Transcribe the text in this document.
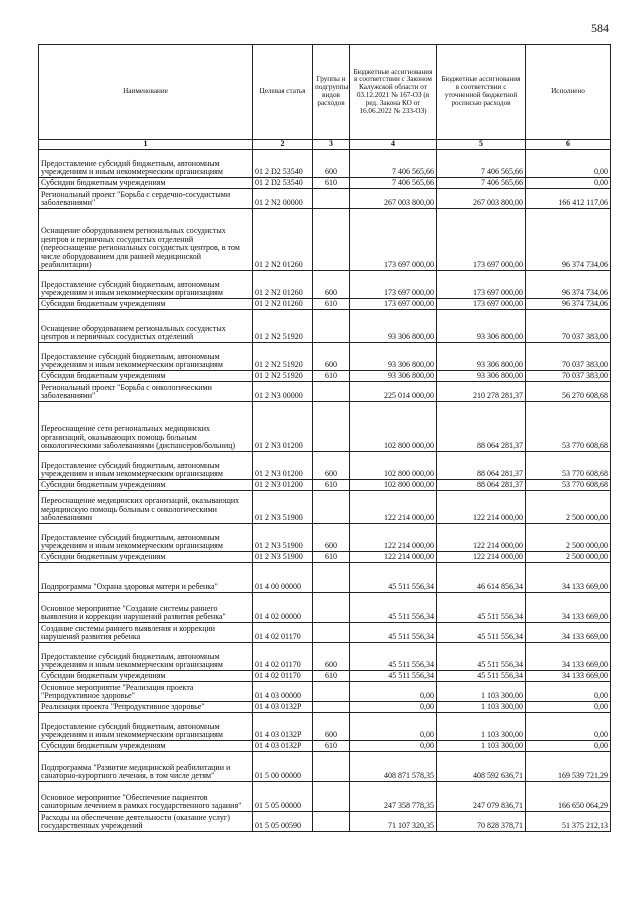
584
Наименование	Целевая статья	Группы и подгруппы видов расходов	Бюджетные ассигнования в соответствии с Законом Калужской области от 03.12.2021 № 167-ОЗ (в ред. Закона КО от 16.06.2022 № 233-ОЗ)	Бюджетные ассигнования в соответствии с уточненной бюджетной росписью расходов	Исполнено
1	2	3	4	5	6
Предоставление субсидий бюджетным, автономным учреждениям и иным некоммерческим организациям	01 2 D2 53540	600	7 406 565,66	7 406 565,66	0,00
Субсидии бюджетным учреждениям	01 2 D2 53540	610	7 406 565,66	7 406 565,66	0,00
Региональный проект "Борьба с сердечно-сосудистыми заболеваниями"	01 2 N2 00000		267 003 800,00	267 003 800,00	166 412 117,06
Оснащение оборудованием региональных сосудистых центров и первичных сосудистых отделений (переоснащение региональных сосудистых центров, в том числе оборудованием для ранней медицинской реабилитации)	01 2 N2 01260		173 697 000,00	173 697 000,00	96 374 734,06
Предоставление субсидий бюджетным, автономным учреждениям и иным некоммерческим организациям	01 2 N2 01260	600	173 697 000,00	173 697 000,00	96 374 734,06
Субсидии бюджетным учреждениям	01 2 N2 01260	610	173 697 000,00	173 697 000,00	96 374 734,06
Оснащение оборудованием региональных сосудистых центров и первичных сосудистых отделений	01 2 N2 51920		93 306 800,00	93 306 800,00	70 037 383,00
Предоставление субсидий бюджетным, автономным учреждениям и иным некоммерческим организациям	01 2 N2 51920	600	93 306 800,00	93 306 800,00	70 037 383,00
Субсидии бюджетным учреждениям	01 2 N2 51920	610	93 306 800,00	93 306 800,00	70 037 383,00
Региональный проект "Борьба с онкологическими заболеваниями"	01 2 N3 00000		225 014 000,00	210 278 281,37	56 270 608,68
Переоснащение сети региональных медицинских организаций, оказывающих помощь больным онкологическими заболеваниями (диспансеров/больниц)	01 2 N3 01200		102 800 000,00	88 064 281,37	53 770 608,68
Предоставление субсидий бюджетным, автономным учреждениям и иным некоммерческим организациям	01 2 N3 01200	600	102 800 000,00	88 064 281,37	53 770 608,68
Субсидии бюджетным учреждениям	01 2 N3 01200	610	102 800 000,00	88 064 281,37	53 770 608,68
Переоснащение медицинских организаций, оказывающих медицинскую помощь больным с онкологическими заболеваниями	01 2 N3 51900		122 214 000,00	122 214 000,00	2 500 000,00
Предоставление субсидий бюджетным, автономным учреждениям и иным некоммерческим организациям	01 2 N3 51900	600	122 214 000,00	122 214 000,00	2 500 000,00
Субсидии бюджетным учреждениям	01 2 N3 51900	610	122 214 000,00	122 214 000,00	2 500 000,00
Подпрограмма "Охрана здоровья матери и ребенка"	01 4 00 00000		45 511 556,34	46 614 856,34	34 133 669,00
Основное мероприятие "Создание системы раннего выявления и коррекции нарушений развития ребенка"	01 4 02 00000		45 511 556,34	45 511 556,34	34 133 669,00
Создание системы раннего выявления и коррекции нарушений развития ребенка	01 4 02 01170		45 511 556,34	45 511 556,34	34 133 669,00
Предоставление субсидий бюджетным, автономным учреждениям и иным некоммерческим организациям	01 4 02 01170	600	45 511 556,34	45 511 556,34	34 133 669,00
Субсидии бюджетным учреждениям	01 4 02 01170	610	45 511 556,34	45 511 556,34	34 133 669,00
Основное мероприятие "Реализация проекта "Репродуктивное здоровье"	01 4 03 00000		0,00	1 103 300,00	0,00
Реализация проекта "Репродуктивное здоровье"	01 4 03 0132P		0,00	1 103 300,00	0,00
Предоставление субсидий бюджетным, автономным учреждениям и иным некоммерческим организациям	01 4 03 0132P	600	0,00	1 103 300,00	0,00
Субсидии бюджетным учреждениям	01 4 03 0132P	610	0,00	1 103 300,00	0,00
Подпрограмма "Развитие медицинской реабилитации и санаторно-курортного лечения, в том числе детям"	01 5 00 00000		408 871 578,35	408 592 636,71	169 539 721,29
Основное мероприятие "Обеспечение пациентов санаторным лечением в рамках государственного задания"	01 5 05 00000		247 358 778,35	247 079 836,71	166 650 064,29
Расходы на обеспечение деятельности (оказание услуг) государственных учреждений	01 5 05 00590		71 107 320,35	70 828 378,71	51 375 212,13
